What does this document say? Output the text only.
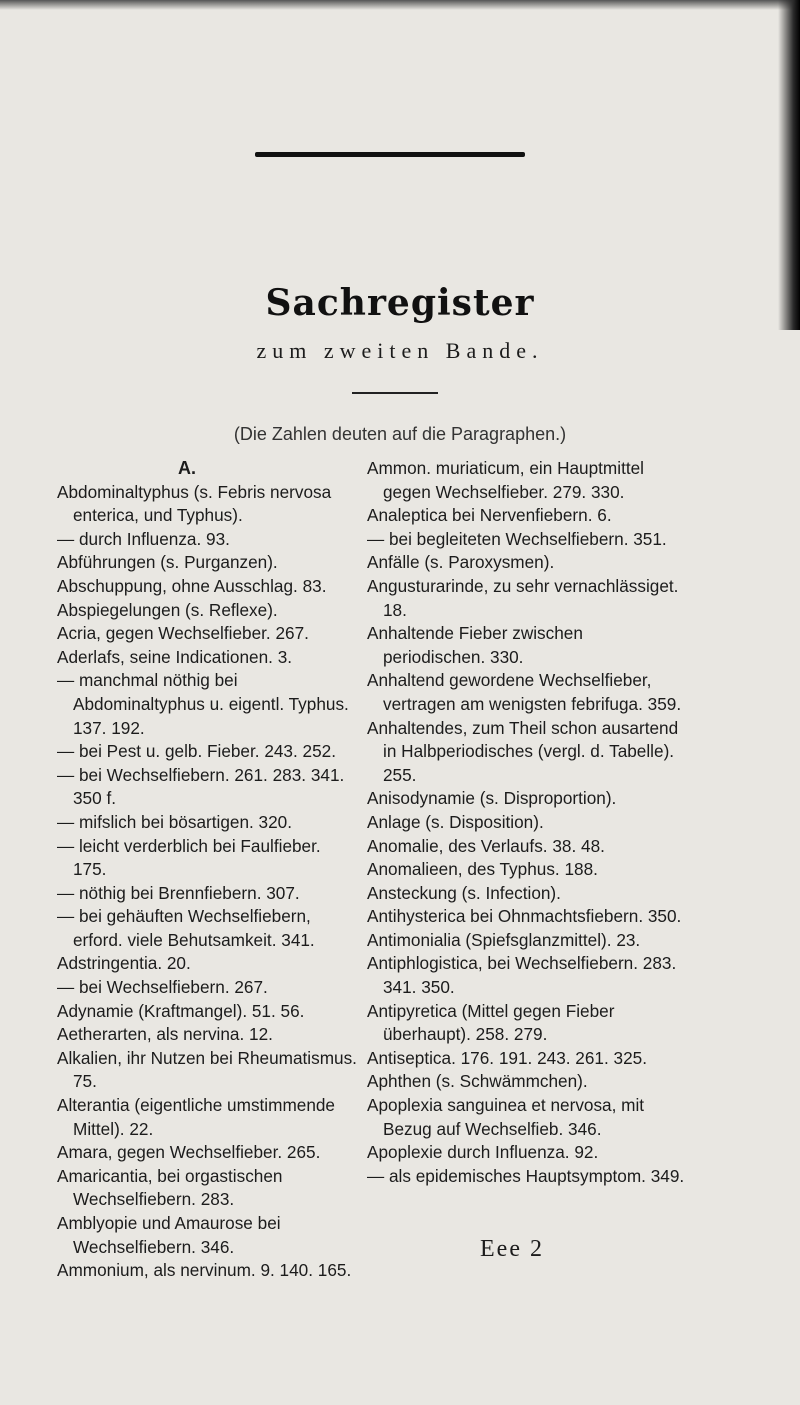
Sachregister
zum zweiten Bande.
(Die Zahlen deuten auf die Paragraphen.)
A.
Abdominaltyphus (s. Febris nervosa enterica, und Typhus).
— durch Influenza. 93.
Abführungen (s. Purganzen).
Abschuppung, ohne Ausschlag. 83.
Abspiegelungen (s. Reflexe).
Acria, gegen Wechselfieber. 267.
Aderlafs, seine Indicationen. 3.
— manchmal nöthig bei Abdominaltyphus u. eigentl. Typhus. 137. 192.
— bei Pest u. gelb. Fieber. 243. 252.
— bei Wechselfiebern. 261. 283. 341. 350 f.
— mifslich bei bösartigen. 320.
— leicht verderblich bei Faulfieber. 175.
— nöthig bei Brennfiebern. 307.
— bei gehäuften Wechselfiebern, erford. viele Behutsamkeit. 341.
Adstringentia. 20.
— bei Wechselfiebern. 267.
Adynamie (Kraftmangel). 51. 56.
Aetherarten, als nervina. 12.
Alkalien, ihr Nutzen bei Rheumatismus. 75.
Alterantia (eigentliche umstimmende Mittel). 22.
Amara, gegen Wechselfieber. 265.
Amaricantia, bei orgastischen Wechselfiebern. 283.
Amblyopie und Amaurose bei Wechselfiebern. 346.
Ammonium, als nervinum. 9. 140. 165.
Ammon. muriaticum, ein Hauptmittel gegen Wechselfieber. 279. 330.
Analeptica bei Nervenfiebern. 6.
— bei begleiteten Wechselfiebern. 351.
Anfälle (s. Paroxysmen).
Angusturarinde, zu sehr vernachlässiget. 18.
Anhaltende Fieber zwischen periodischen. 330.
Anhaltend gewordene Wechselfieber, vertragen am wenigsten febrifuga. 359.
Anhaltendes, zum Theil schon ausartend in Halbperiodisches (vergl. d. Tabelle). 255.
Anisodynamie (s. Disproportion).
Anlage (s. Disposition).
Anomalie, des Verlaufs. 38. 48.
Anomalieen, des Typhus. 188.
Ansteckung (s. Infection).
Antihysterica bei Ohnmachtsfiebern. 350.
Antimonialia (Spiefsglanzmittel). 23.
Antiphlogistica, bei Wechselfiebern. 283. 341. 350.
Antipyretica (Mittel gegen Fieber überhaupt). 258. 279.
Antiseptica. 176. 191. 243. 261. 325.
Aphthen (s. Schwämmchen).
Apoplexia sanguinea et nervosa, mit Bezug auf Wechselfieb. 346.
Apoplexie durch Influenza. 92.
— als epidemisches Hauptsymptom. 349.
Eee 2
